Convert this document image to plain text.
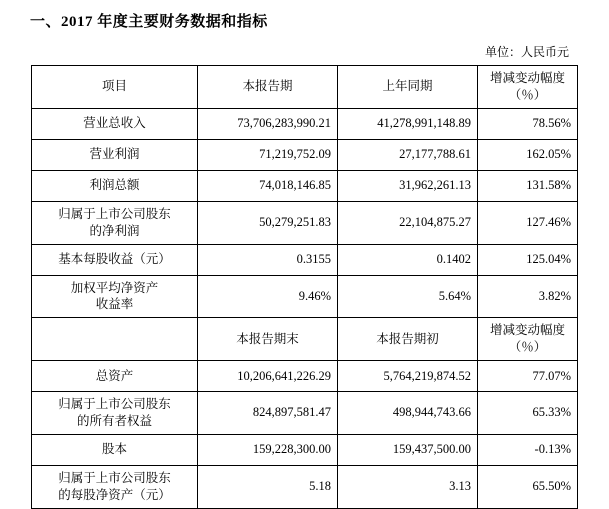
一、2017 年度主要财务数据和指标
单位：人民币元
项目	本报告期	上年同期	增减变动幅度
（％）

营业总收入	73,706,283,990.21	41,278,991,148.89	78.56%
营业利润	71,219,752.09	27,177,788.61	162.05%
利润总额	74,018,146.85	31,962,261.13	131.58%

归属于上市公司股东
的净利润	50,279,251.83	22,104,875.27	127.46%
基本每股收益（元）	0.3155	0.1402	125.04%

加权平均净资产
收益率	9.46%	5.64%	3.82%
	本报告期末	本报告期初	增减变动幅度
（％）

总资产	10,206,641,226.29	5,764,219,874.52	77.07%

归属于上市公司股东
的所有者权益	824,897,581.47	498,944,743.66	65.33%
股本	159,228,300.00	159,437,500.00	-0.13%

归属于上市公司股东
的每股净资产（元）	5.18	3.13	65.50%
